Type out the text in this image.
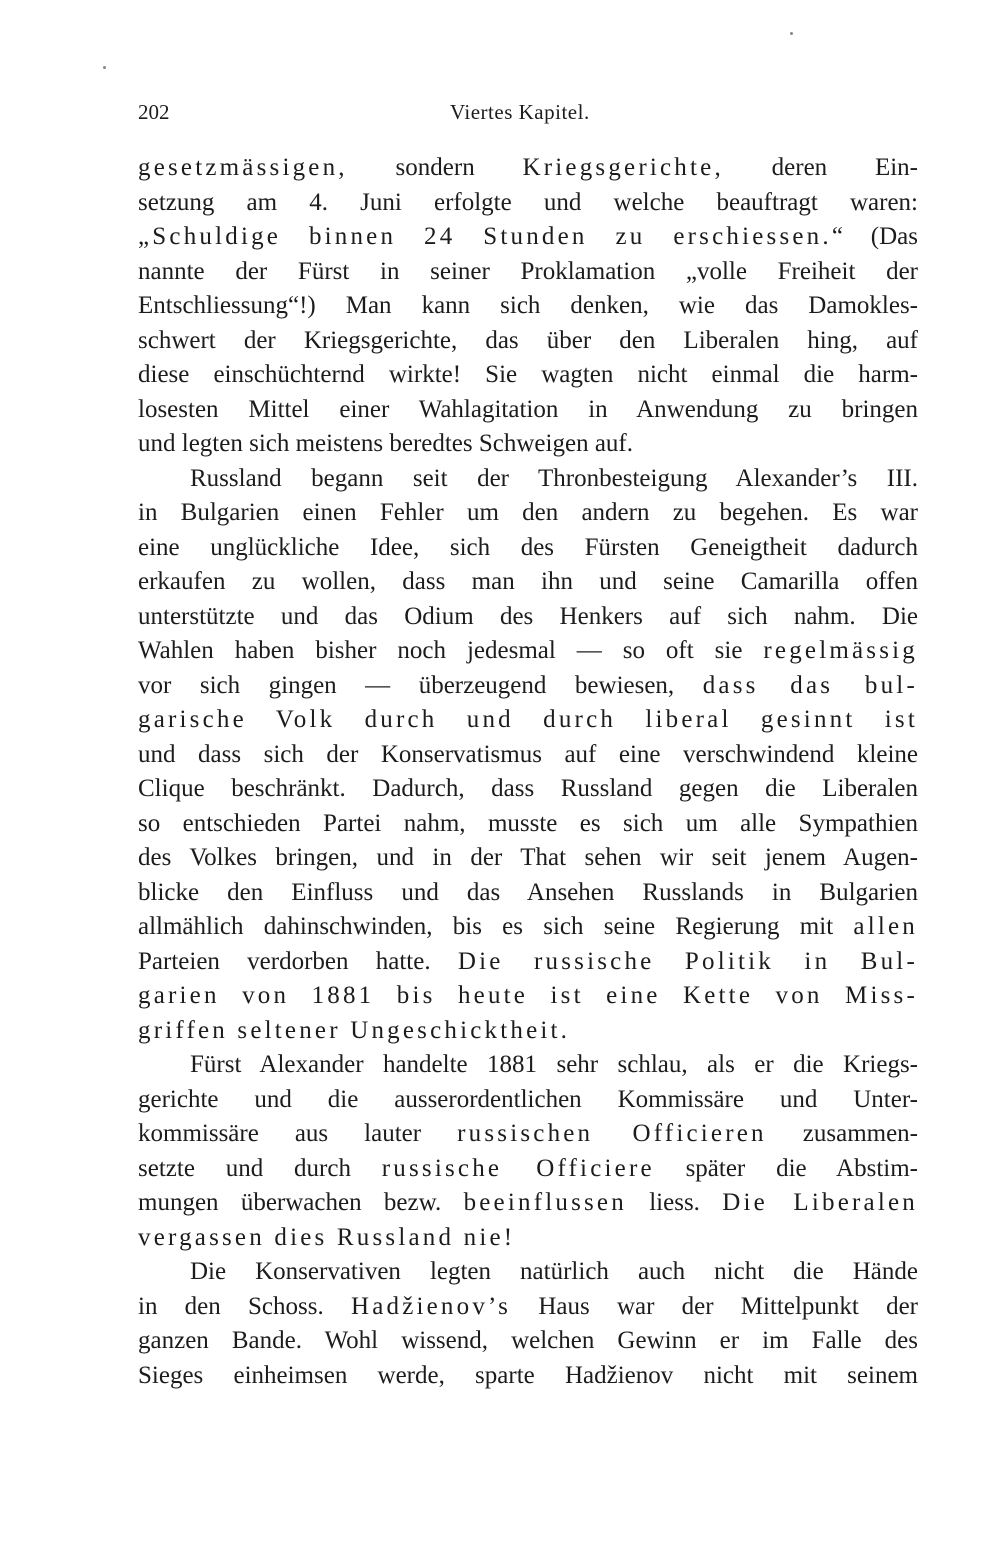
202	Viertes Kapitel.
gesetzmässigen, sondern Kriegsgerichte, deren Ein-
setzung am 4. Juni erfolgte und welche beauftragt waren:
„Schuldige binnen 24 Stunden zu erschiessen.“ (Das
nannte der Fürst in seiner Proklamation „volle Freiheit der
Entschliessung“!) Man kann sich denken, wie das Damokles-
schwert der Kriegsgerichte, das über den Liberalen hing, auf
diese einschüchternd wirkte! Sie wagten nicht einmal die harm-
losesten Mittel einer Wahlagitation in Anwendung zu bringen
und legten sich meistens beredtes Schweigen auf.
Russland begann seit der Thronbesteigung Alexander’s III.
in Bulgarien einen Fehler um den andern zu begehen. Es war
eine unglückliche Idee, sich des Fürsten Geneigtheit dadurch
erkaufen zu wollen, dass man ihn und seine Camarilla offen
unterstützte und das Odium des Henkers auf sich nahm. Die
Wahlen haben bisher noch jedesmal — so oft sie regelmässig
vor sich gingen — überzeugend bewiesen, dass das bul-
garische Volk durch und durch liberal gesinnt ist
und dass sich der Konservatismus auf eine verschwindend kleine
Clique beschränkt. Dadurch, dass Russland gegen die Liberalen
so entschieden Partei nahm, musste es sich um alle Sympathien
des Volkes bringen, und in der That sehen wir seit jenem Augen-
blicke den Einfluss und das Ansehen Russlands in Bulgarien
allmählich dahinschwinden, bis es sich seine Regierung mit allen
Parteien verdorben hatte. Die russische Politik in Bul-
garien von 1881 bis heute ist eine Kette von Miss-
griffen seltener Ungeschicktheit.
Fürst Alexander handelte 1881 sehr schlau, als er die Kriegs-
gerichte und die ausserordentlichen Kommissäre und Unter-
kommissäre aus lauter russischen Officieren zusammen-
setzte und durch russische Officiere später die Abstim-
mungen überwachen bezw. beeinflussen liess. Die Liberalen
vergassen dies Russland nie!
Die Konservativen legten natürlich auch nicht die Hände
in den Schoss. Hadžienov’s Haus war der Mittelpunkt der
ganzen Bande. Wohl wissend, welchen Gewinn er im Falle des
Sieges einheimsen werde, sparte Hadžienov nicht mit seinem
